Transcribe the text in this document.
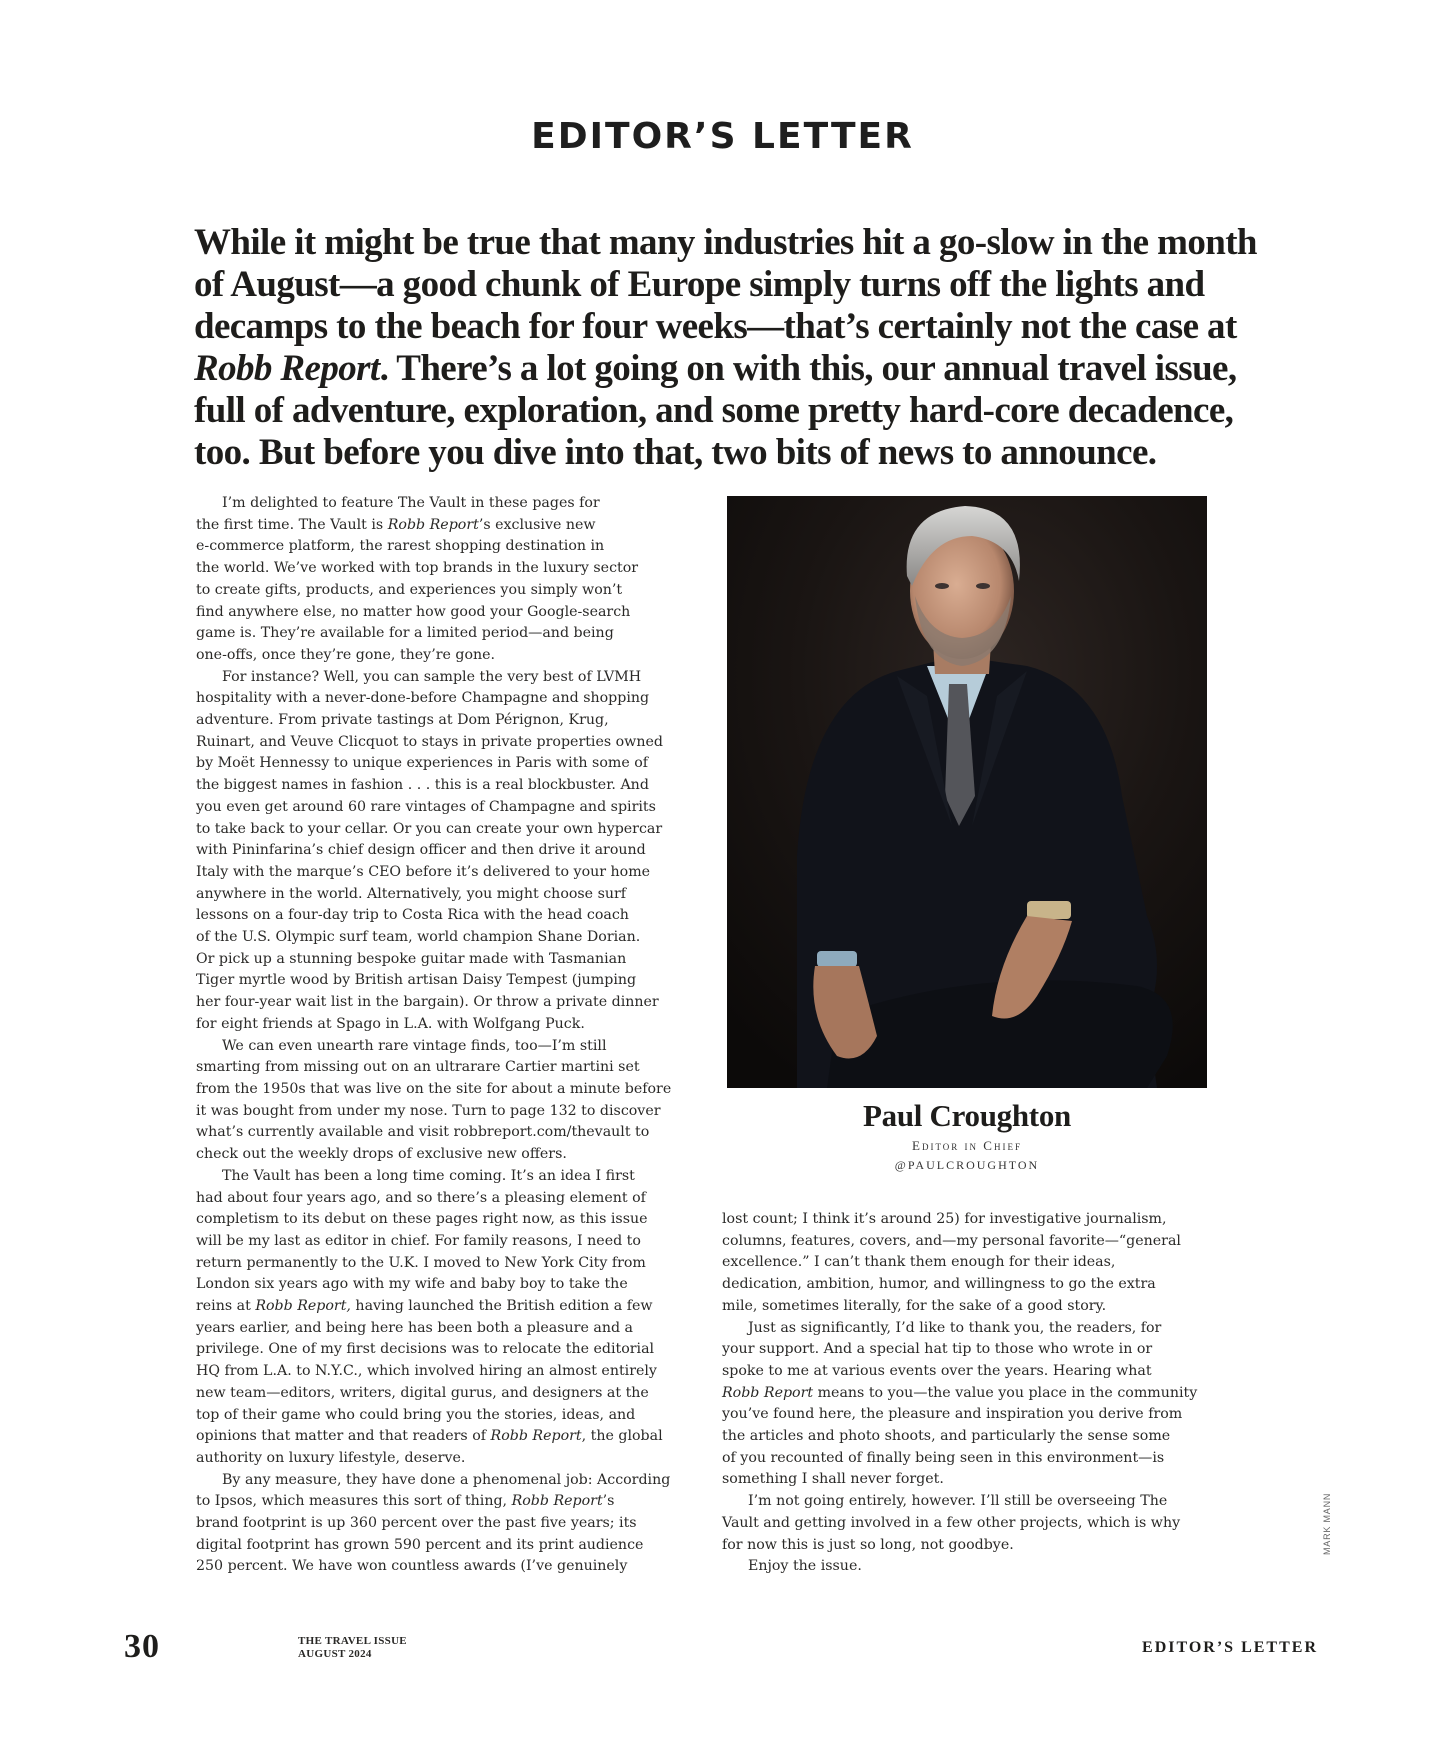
EDITOR’S LETTER
While it might be true that many industries hit a go-slow in the month
of August—a good chunk of Europe simply turns off the lights and
decamps to the beach for four weeks—that’s certainly not the case at
Robb Report. There’s a lot going on with this, our annual travel issue,
full of adventure, exploration, and some pretty hard-core decadence,
too. But before you dive into that, two bits of news to announce.
I’m delighted to feature The Vault in these pages for
the first time. The Vault is Robb Report’s exclusive new
e-commerce platform, the rarest shopping destination in
the world. We’ve worked with top brands in the luxury sector
to create gifts, products, and experiences you simply won’t
find anywhere else, no matter how good your Google-search
game is. They’re available for a limited period—and being
one-offs, once they’re gone, they’re gone.
For instance? Well, you can sample the very best of LVMH
hospitality with a never-done-before Champagne and shopping
adventure. From private tastings at Dom Pérignon, Krug,
Ruinart, and Veuve Clicquot to stays in private properties owned
by Moët Hennessy to unique experiences in Paris with some of
the biggest names in fashion . . . this is a real blockbuster. And
you even get around 60 rare vintages of Champagne and spirits
to take back to your cellar. Or you can create your own hypercar
with Pininfarina’s chief design officer and then drive it around
Italy with the marque’s CEO before it’s delivered to your home
anywhere in the world. Alternatively, you might choose surf
lessons on a four-day trip to Costa Rica with the head coach
of the U.S. Olympic surf team, world champion Shane Dorian.
Or pick up a stunning bespoke guitar made with Tasmanian
Tiger myrtle wood by British artisan Daisy Tempest (jumping
her four-year wait list in the bargain). Or throw a private dinner
for eight friends at Spago in L.A. with Wolfgang Puck.
We can even unearth rare vintage finds, too—I’m still
smarting from missing out on an ultrarare Cartier martini set
from the 1950s that was live on the site for about a minute before
it was bought from under my nose. Turn to page 132 to discover
what’s currently available and visit robbreport.com/thevault to
check out the weekly drops of exclusive new offers.
The Vault has been a long time coming. It’s an idea I first
had about four years ago, and so there’s a pleasing element of
completism to its debut on these pages right now, as this issue
will be my last as editor in chief. For family reasons, I need to
return permanently to the U.K. I moved to New York City from
London six years ago with my wife and baby boy to take the
reins at Robb Report, having launched the British edition a few
years earlier, and being here has been both a pleasure and a
privilege. One of my first decisions was to relocate the editorial
HQ from L.A. to N.Y.C., which involved hiring an almost entirely
new team—editors, writers, digital gurus, and designers at the
top of their game who could bring you the stories, ideas, and
opinions that matter and that readers of Robb Report, the global
authority on luxury lifestyle, deserve.
By any measure, they have done a phenomenal job: According
to Ipsos, which measures this sort of thing, Robb Report’s
brand footprint is up 360 percent over the past five years; its
digital footprint has grown 590 percent and its print audience
250 percent. We have won countless awards (I’ve genuinely
Paul Croughton
Editor in Chief
@PAULCROUGHTON
lost count; I think it’s around 25) for investigative journalism,
columns, features, covers, and—my personal favorite—“general
excellence.” I can’t thank them enough for their ideas,
dedication, ambition, humor, and willingness to go the extra
mile, sometimes literally, for the sake of a good story.
Just as significantly, I’d like to thank you, the readers, for
your support. And a special hat tip to those who wrote in or
spoke to me at various events over the years. Hearing what
Robb Report means to you—the value you place in the community
you’ve found here, the pleasure and inspiration you derive from
the articles and photo shoots, and particularly the sense some
of you recounted of finally being seen in this environment—is
something I shall never forget.
I’m not going entirely, however. I’ll still be overseeing The
Vault and getting involved in a few other projects, which is why
for now this is just so long, not goodbye.
Enjoy the issue.
MARK MANN
30	THE TRAVEL ISSUE
AUGUST 2024	EDITOR’S LETTER
